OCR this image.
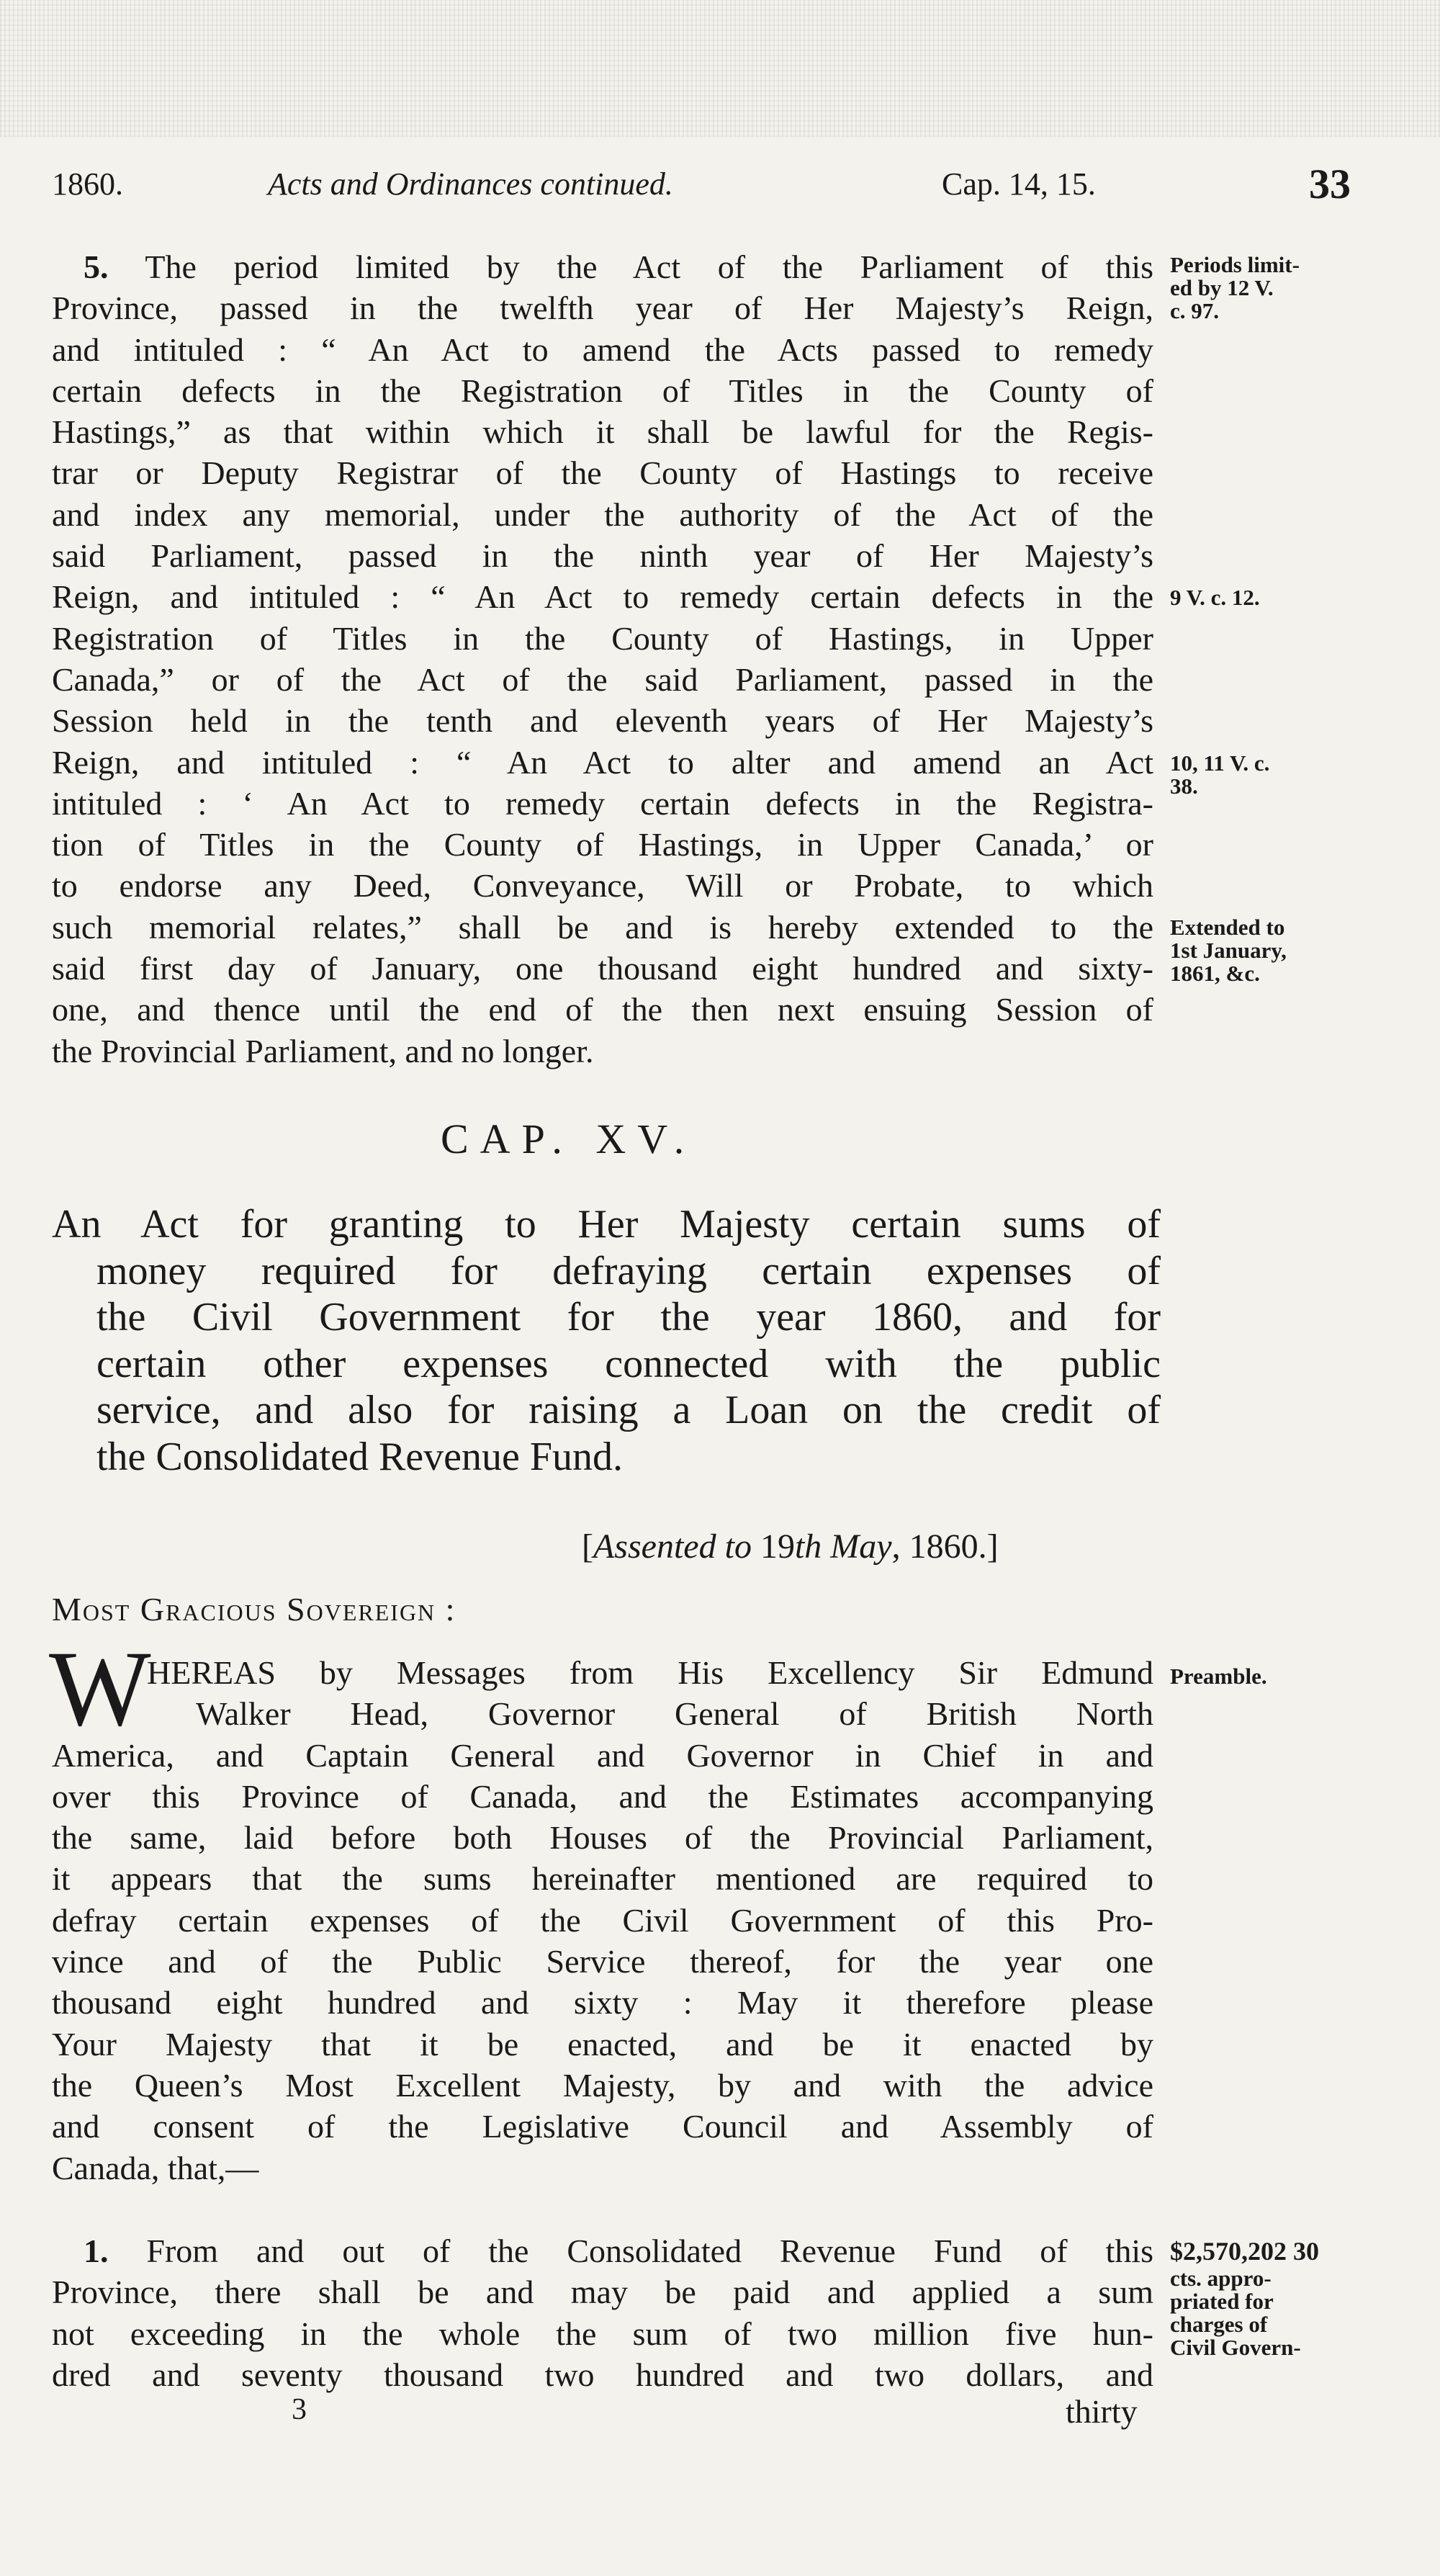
1860.	Acts and Ordinances continued.	Cap. 14, 15.	33
5. The period limited by the Act of the Parliament of this
Province, passed in the twelfth year of Her Majesty’s Reign,
and intituled : “ An Act to amend the Acts passed to remedy
certain defects in the Registration of Titles in the County of
Hastings,” as that within which it shall be lawful for the Regis-
trar or Deputy Registrar of the County of Hastings to receive
and index any memorial, under the authority of the Act of the
said Parliament, passed in the ninth year of Her Majesty’s
Reign, and intituled : “ An Act to remedy certain defects in the
Registration of Titles in the County of Hastings, in Upper
Canada,” or of the Act of the said Parliament, passed in the
Session held in the tenth and eleventh years of Her Majesty’s
Reign, and intituled : “ An Act to alter and amend an Act
intituled : ‘ An Act to remedy certain defects in the Registra-
tion of Titles in the County of Hastings, in Upper Canada,’ or
to endorse any Deed, Conveyance, Will or Probate, to which
such memorial relates,” shall be and is hereby extended to the
said first day of January, one thousand eight hundred and sixty-
one, and thence until the end of the then next ensuing Session of
the Provincial Parliament, and no longer.
Periods limit-
ed by 12 V.
c. 97.
9 V. c. 12.
10, 11 V. c.
38.
Extended to
1st January,
1861, &c.
CAP. XV.
An Act for granting to Her Majesty certain sums of
money required for defraying certain expenses of
the Civil Government for the year 1860, and for
certain other expenses connected with the public
service, and also for raising a Loan on the credit of
the Consolidated Revenue Fund.
[Assented to 19th May, 1860.]
Most Gracious Sovereign :
W
HEREAS by Messages from His Excellency Sir Edmund
Walker Head, Governor General of British North
America, and Captain General and Governor in Chief in and
over this Province of Canada, and the Estimates accompanying
the same, laid before both Houses of the Provincial Parliament,
it appears that the sums hereinafter mentioned are required to
defray certain expenses of the Civil Government of this Pro-
vince and of the Public Service thereof, for the year one
thousand eight hundred and sixty : May it therefore please
Your Majesty that it be enacted, and be it enacted by
the Queen’s Most Excellent Majesty, by and with the advice
and consent of the Legislative Council and Assembly of
Canada, that,—
Preamble.
1. From and out of the Consolidated Revenue Fund of this
Province, there shall be and may be paid and applied a sum
not exceeding in the whole the sum of two million five hun-
dred and seventy thousand two hundred and two dollars, and
3	thirty
$2,570,202 30
cts. appro-
priated for
charges of
Civil Govern-
